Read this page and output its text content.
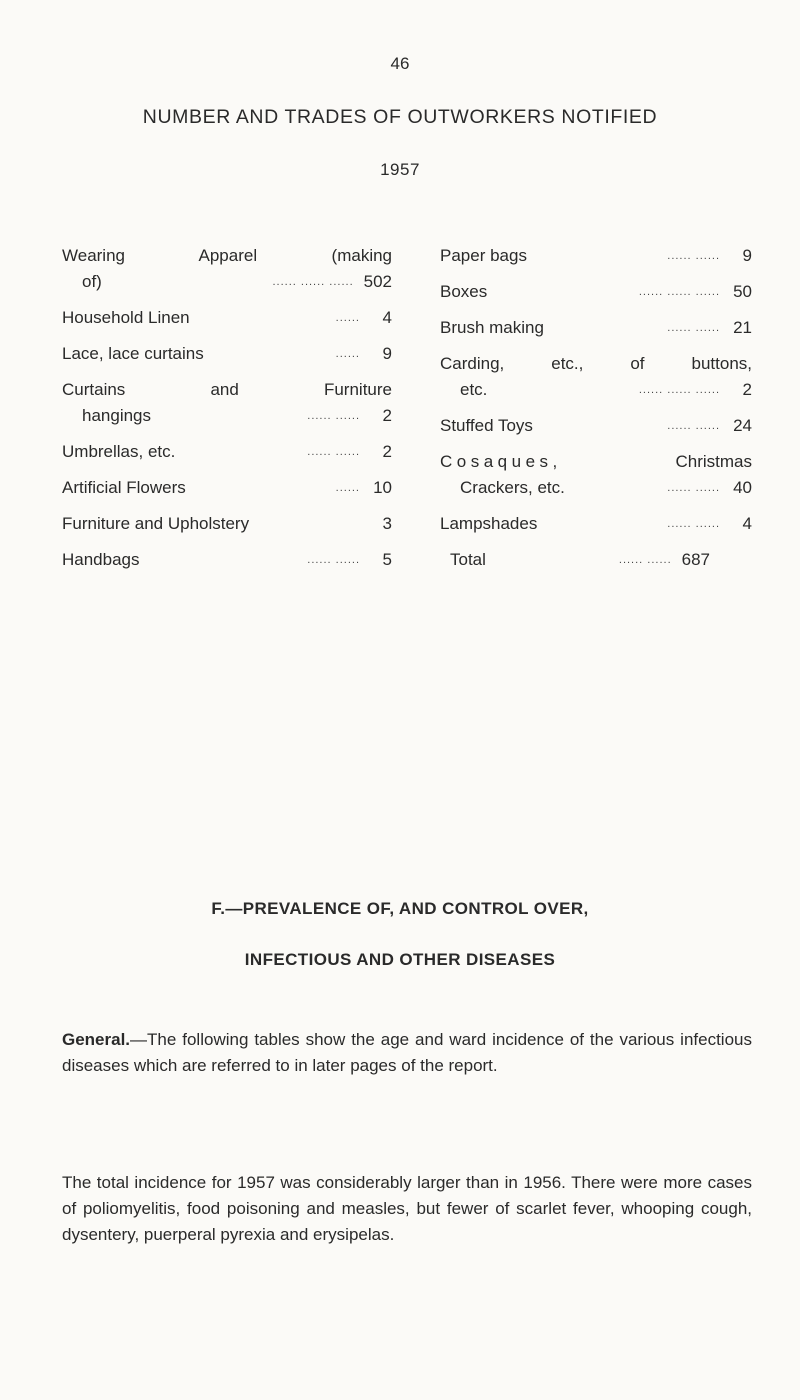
46
NUMBER AND TRADES OF OUTWORKERS NOTIFIED
1957
Wearing Apparel (making
of)	...... ...... ...... 502
Household Linen	......	4
Lace, lace curtains	......	9
Curtains and Furniture
hangings	...... ......	2
Umbrellas, etc.	...... ......	2
Artificial Flowers	...... 10
Furniture and Upholstery	3
Handbags	...... ......	5
Paper bags	...... ......	9
Boxes	...... ...... ...... 50
Brush making	...... ...... 21
Carding, etc., of buttons,
etc.	...... ...... ......	2
Stuffed Toys	...... ...... 24
Cosaques,	Christmas
Crackers, etc.	...... ...... 40
Lampshades	...... ......	4
Total	...... ...... 687
F.—PREVALENCE OF, AND CONTROL OVER,
INFECTIOUS AND OTHER DISEASES
General.—The following tables show the age and ward incidence of the various infectious diseases which are referred to in later pages of the report.
The total incidence for 1957 was considerably larger than in 1956. There were more cases of poliomyelitis, food poisoning and measles, but fewer of scarlet fever, whooping cough, dysentery, puerperal pyrexia and erysipelas.
